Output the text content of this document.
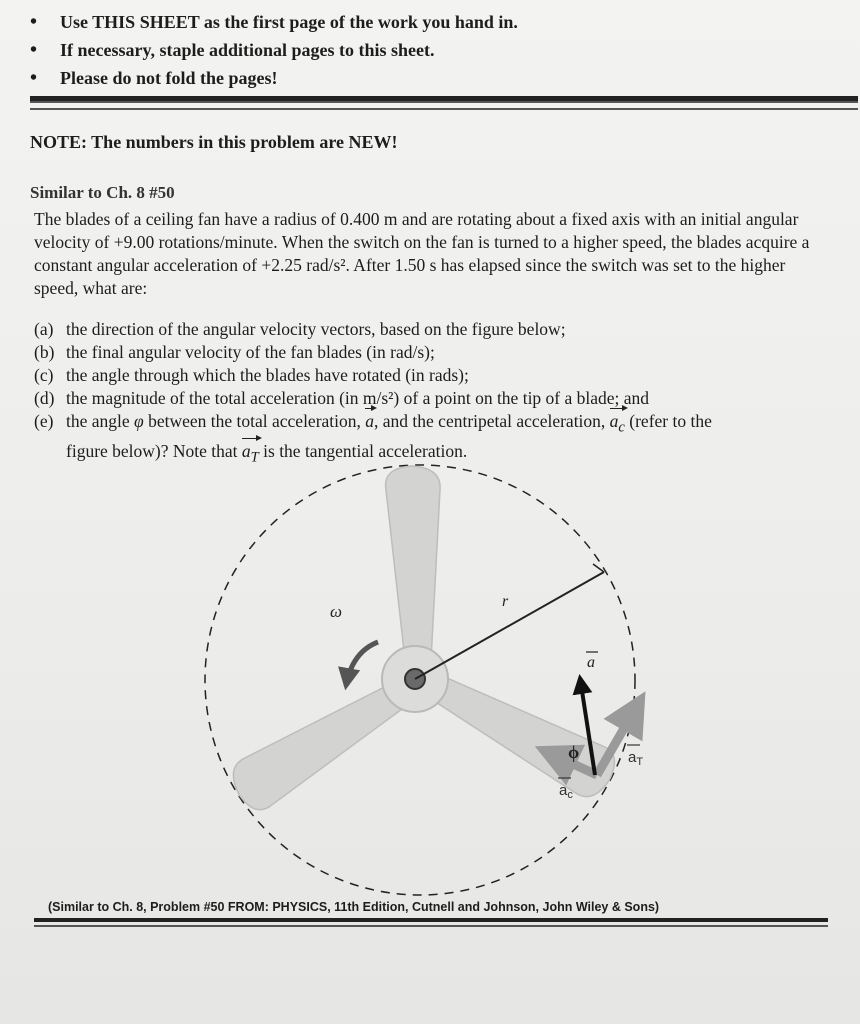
•	Use THIS SHEET as the first page of the work you hand in.
•	If necessary, staple additional pages to this sheet.
•	Please do not fold the pages!
NOTE: The numbers in this problem are NEW!
Similar to Ch. 8 #50
The blades of a ceiling fan have a radius of 0.400 m and are rotating about a fixed axis with an initial angular velocity of +9.00 rotations/minute. When the switch on the fan is turned to a higher speed, the blades acquire a constant angular acceleration of +2.25 rad/s². After 1.50 s has elapsed since the switch was set to the higher speed, what are:
(a) the direction of the angular velocity vectors, based on the figure below;
(b) the final angular velocity of the fan blades (in rad/s);
(c) the angle through which the blades have rotated (in rads);
(d) the magnitude of the total acceleration (in m/s²) of a point on the tip of a blade; and
(e) the angle φ between the total acceleration, a, and the centripetal acceleration, $a_c$ (refer to the
figure below)? Note that $a_T$ is the tangential acceleration.
r
ω
a
ϕ	$a_T$
$a_c$
(Similar to Ch. 8, Problem #50 FROM: PHYSICS, 11th Edition, Cutnell and Johnson, John Wiley & Sons)
